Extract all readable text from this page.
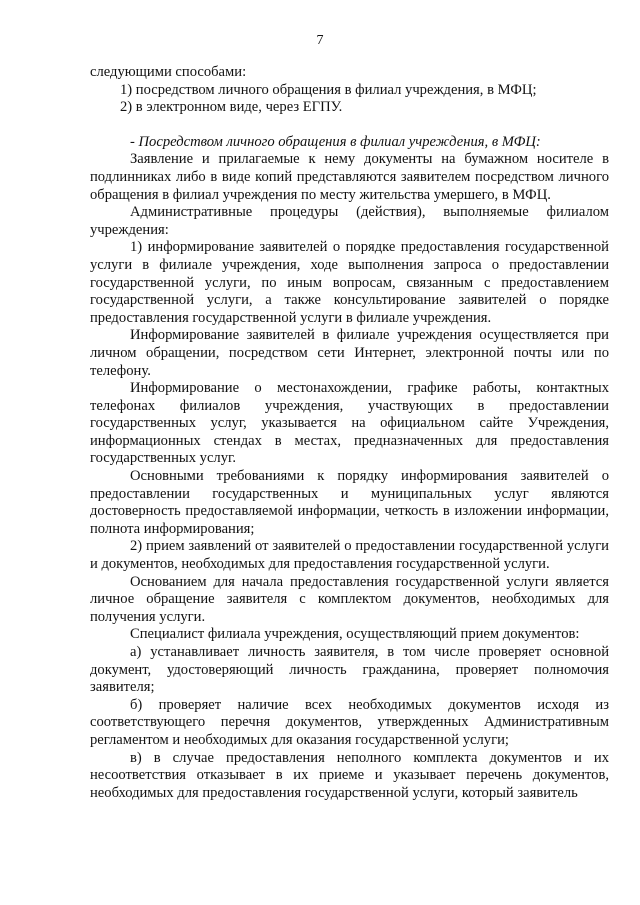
7

следующими способами:

1) посредством личного обращения в филиал учреждения, в МФЦ;

2) в электронном виде, через ЕГПУ.

- Посредством личного обращения в филиал учреждения, в МФЦ:

Заявление и прилагаемые к нему документы на бумажном носителе в подлинниках либо в виде копий представляются заявителем посредством личного обращения в филиал учреждения по месту жительства умершего, в МФЦ.

Административные процедуры (действия), выполняемые филиалом учреждения:

1) информирование заявителей о порядке предоставления государственной услуги в филиале учреждения, ходе выполнения запроса о предоставлении государственной услуги, по иным вопросам, связанным с предоставлением государственной услуги, а также консультирование заявителей о порядке предоставления государственной услуги в филиале учреждения.

Информирование заявителей в филиале учреждения осуществляется при личном обращении, посредством сети Интернет, электронной почты или по телефону.

Информирование о местонахождении, графике работы, контактных телефонах филиалов учреждения, участвующих в предоставлении государственных услуг, указывается на официальном сайте Учреждения, информационных стендах в местах, предназначенных для предоставления государственных услуг.

Основными требованиями к порядку информирования заявителей о предоставлении государственных и муниципальных услуг являются достоверность предоставляемой информации, четкость в изложении информации, полнота информирования;

2) прием заявлений от заявителей о предоставлении государственной услуги и документов, необходимых для предоставления государственной услуги.

Основанием для начала предоставления государственной услуги является личное обращение заявителя с комплектом документов, необходимых для получения услуги.

Специалист филиала учреждения, осуществляющий прием документов:

а) устанавливает личность заявителя, в том числе проверяет основной документ, удостоверяющий личность гражданина, проверяет полномочия заявителя;

б) проверяет наличие всех необходимых документов исходя из соответствующего перечня документов, утвержденных Административным регламентом и необходимых для оказания государственной услуги;

в) в случае предоставления неполного комплекта документов и их несоответствия отказывает в их приеме и указывает перечень документов, необходимых для предоставления государственной услуги, который заявитель
